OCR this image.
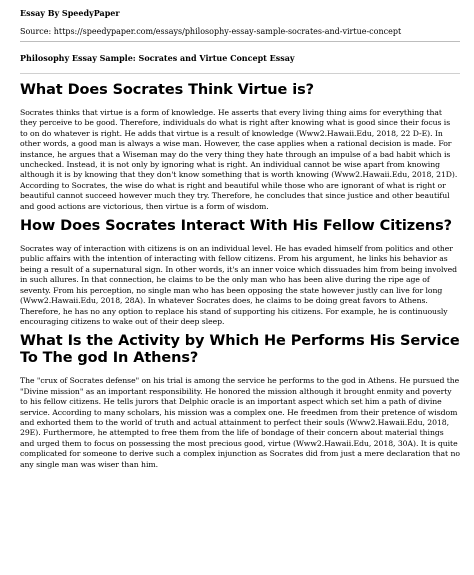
Essay By SpeedyPaper
Source: https://speedypaper.com/essays/philosophy-essay-sample-socrates-and-virtue-concept
Philosophy Essay Sample: Socrates and Virtue Concept Essay
What Does Socrates Think Virtue is?

Socrates thinks that virtue is a form of knowledge. He asserts that every living thing aims for everything that they perceive to be good. Therefore, individuals do what is right after knowing what is good since their focus is to on do whatever is right. He adds that virtue is a result of knowledge (Www2.Hawaii.Edu, 2018, 22 D-E). In other words, a good man is always a wise man. However, the case applies when a rational decision is made. For instance, he argues that a Wiseman may do the very thing they hate through an impulse of a bad habit which is unchecked. Instead, it is not only by ignoring what is right. An individual cannot be wise apart from knowing although it is by knowing that they don't know something that is worth knowing (Www2.Hawaii.Edu, 2018, 21D). According to Socrates, the wise do what is right and beautiful while those who are ignorant of what is right or beautiful cannot succeed however much they try. Therefore, he concludes that since justice and other beautiful and good actions are victorious, then virtue is a form of wisdom.

How Does Socrates Interact With His Fellow Citizens?

Socrates way of interaction with citizens is on an individual level. He has evaded himself from politics and other public affairs with the intention of interacting with fellow citizens. From his argument, he links his behavior as being a result of a supernatural sign. In other words, it's an inner voice which dissuades him from being involved in such allures. In that connection, he claims to be the only man who has been alive during the ripe age of seventy. From his perception, no single man who has been opposing the state however justly can live for long (Www2.Hawaii.Edu, 2018, 28A). In whatever Socrates does, he claims to be doing great favors to Athens. Therefore, he has no any option to replace his stand of supporting his citizens. For example, he is continuously encouraging citizens to wake out of their deep sleep.

What Is the Activity by Which He Performs His Service To The god In Athens?

The "crux of Socrates defense" on his trial is among the service he performs to the god in Athens. He pursued the "Divine mission" as an important responsibility. He honored the mission although it brought enmity and poverty to his fellow citizens. He tells jurors that Delphic oracle is an important aspect which set him a path of divine service. According to many scholars, his mission was a complex one. He freedmen from their pretence of wisdom and exhorted them to the world of truth and actual attainment to perfect their souls (Www2.Hawaii.Edu, 2018, 29E). Furthermore, he attempted to free them from the life of bondage of their concern about material things and urged them to focus on possessing the most precious good, virtue (Www2.Hawaii.Edu, 2018, 30A). It is quite complicated for someone to derive such a complex injunction as Socrates did from just a mere declaration that no any single man was wiser than him.
